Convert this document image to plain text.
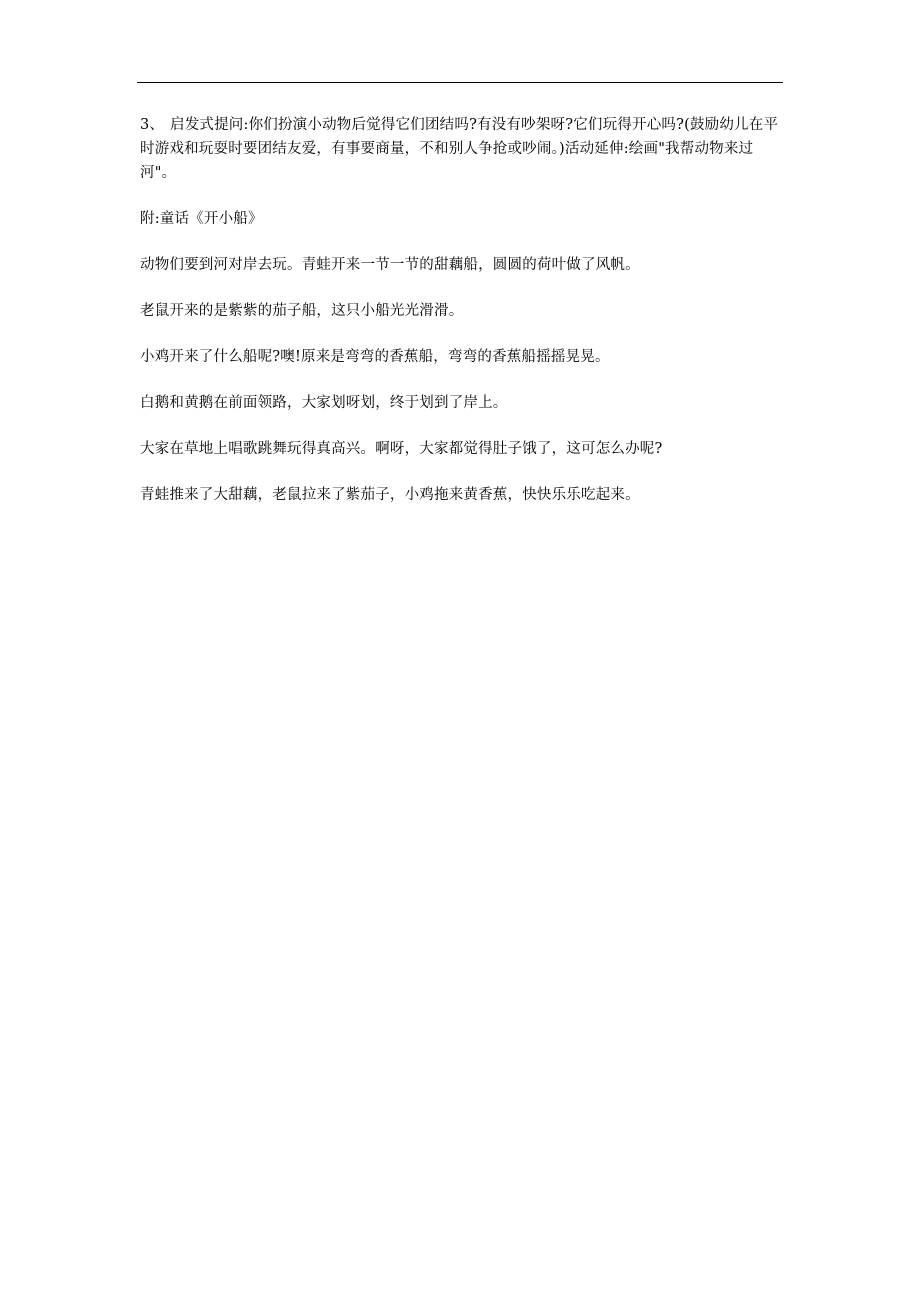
3、 启发式提问:你们扮演小动物后觉得它们团结吗?有没有吵架呀?它们玩得开心吗?(鼓励幼儿在平时游戏和玩耍时要团结友爱，有事要商量，不和别人争抢或吵闹。)活动延伸:绘画"我帮动物来过河"。

附:童话《开小船》

动物们要到河对岸去玩。青蛙开来一节一节的甜藕船，圆圆的荷叶做了风帆。

老鼠开来的是紫紫的茄子船，这只小船光光滑滑。

小鸡开来了什么船呢?噢!原来是弯弯的香蕉船，弯弯的香蕉船摇摇晃晃。

白鹅和黄鹅在前面领路，大家划呀划，终于划到了岸上。

大家在草地上唱歌跳舞玩得真高兴。啊呀，大家都觉得肚子饿了，这可怎么办呢?

青蛙推来了大甜藕，老鼠拉来了紫茄子，小鸡拖来黄香蕉，快快乐乐吃起来。
